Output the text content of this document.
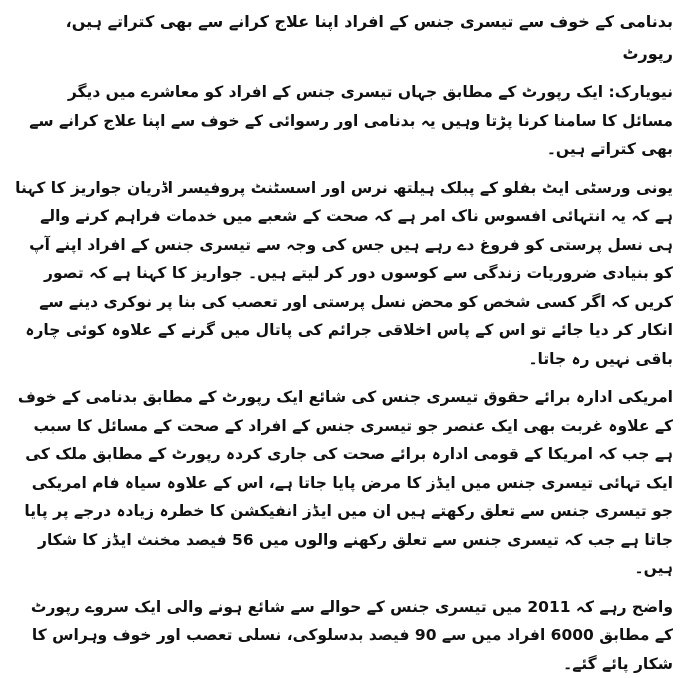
بدنامی کے خوف سے تیسری جنس کے افراد اپنا علاج کرانے سے بھی کتراتے ہیں، رپورٹ

نیویارک: ایک رپورٹ کے مطابق جہاں تیسری جنس کے افراد کو معاشرے میں دیگر مسائل کا سامنا کرنا پڑتا وہیں یہ بدنامی اور رسوائی کے خوف سے اپنا علاج کرانے سے بھی کتراتے ہیں۔

یونی ورسٹی ایٹ بفلو کے پبلک ہیلتھ نرس اور اسسٹنٹ پروفیسر اڈریان جواریز کا کہنا ہے کہ یہ انتہائی افسوس ناک امر ہے کہ صحت کے شعبے میں خدمات فراہم کرنے والے ہی نسل پرستی کو فروغ دے رہے ہیں جس کی وجہ سے تیسری جنس کے افراد اپنے آپ کو بنیادی ضروریات زندگی سے کوسوں دور کر لیتے ہیں۔ جواریز کا کہنا ہے کہ تصور کریں کہ اگر کسی شخص کو محض نسل پرستی اور تعصب کی بنا پر نوکری دینے سے انکار کر دیا جائے تو اس کے پاس اخلاقی جرائم کی پاتال میں گرنے کے علاوہ کوئی چارہ باقی نہیں رہ جاتا۔

امریکی ادارہ برائے حقوق تیسری جنس کی شائع ایک رپورٹ کے مطابق بدنامی کے خوف کے علاوہ غربت بھی ایک عنصر جو تیسری جنس کے افراد کے صحت کے مسائل کا سبب ہے جب کہ امریکا کے قومی ادارہ برائے صحت کی جاری کردہ رپورٹ کے مطابق ملک کی ایک تہائی تیسری جنس میں ایڈز کا مرض پایا جاتا ہے، اس کے علاوہ سیاہ فام امریکی جو تیسری جنس سے تعلق رکھتے ہیں ان میں ایڈز انفیکشن کا خطرہ زیادہ درجے پر پایا جاتا ہے جب کہ تیسری جنس سے تعلق رکھنے والوں میں 56 فیصد مخنث ایڈز کا شکار ہیں۔

واضح رہے کہ 2011 میں تیسری جنس کے حوالے سے شائع ہونے والی ایک سروے رپورٹ کے مطابق 6000 افراد میں سے 90 فیصد بدسلوکی، نسلی تعصب اور خوف وہراس کا شکار پائے گئے۔
